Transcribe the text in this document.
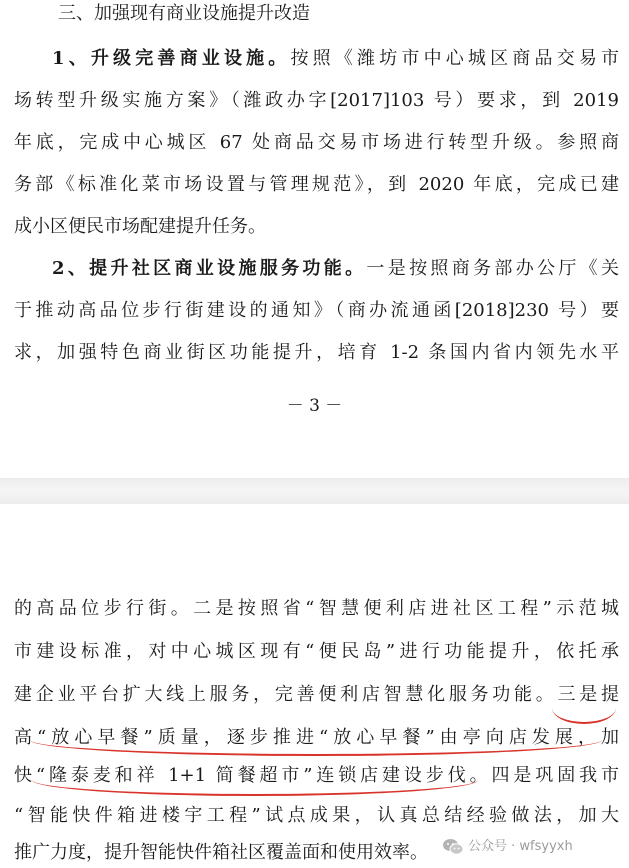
三、加强现有商业设施提升改造
1、升级完善商业设施。按照《潍坊市中心城区商品交易市
场转型升级实施方案》（潍政办字[2017]103 号）要求，到 2019
年底，完成中心城区 67 处商品交易市场进行转型升级。参照商
务部《标准化菜市场设置与管理规范》，到 2020 年底，完成已建
成小区便民市场配建提升任务。
2、提升社区商业设施服务功能。一是按照商务部办公厅《关
于推动高品位步行街建设的通知》（商办流通函[2018]230 号）要
求，加强特色商业街区功能提升，培育 1-2 条国内省内领先水平
－ 3 －
的高品位步行街。二是按照省“智慧便利店进社区工程”示范城
市建设标准，对中心城区现有“便民岛”进行功能提升，依托承
建企业平台扩大线上服务，完善便利店智慧化服务功能。三是提
高“放心早餐”质量，逐步推进“放心早餐”由亭向店发展，加
快“隆泰麦和祥 1+1 简餐超市”连锁店建设步伐。四是巩固我市
“智能快件箱进楼宇工程”试点成果，认真总结经验做法，加大
推广力度，提升智能快件箱社区覆盖面和使用效率。	公众号 · wfsyyxh
